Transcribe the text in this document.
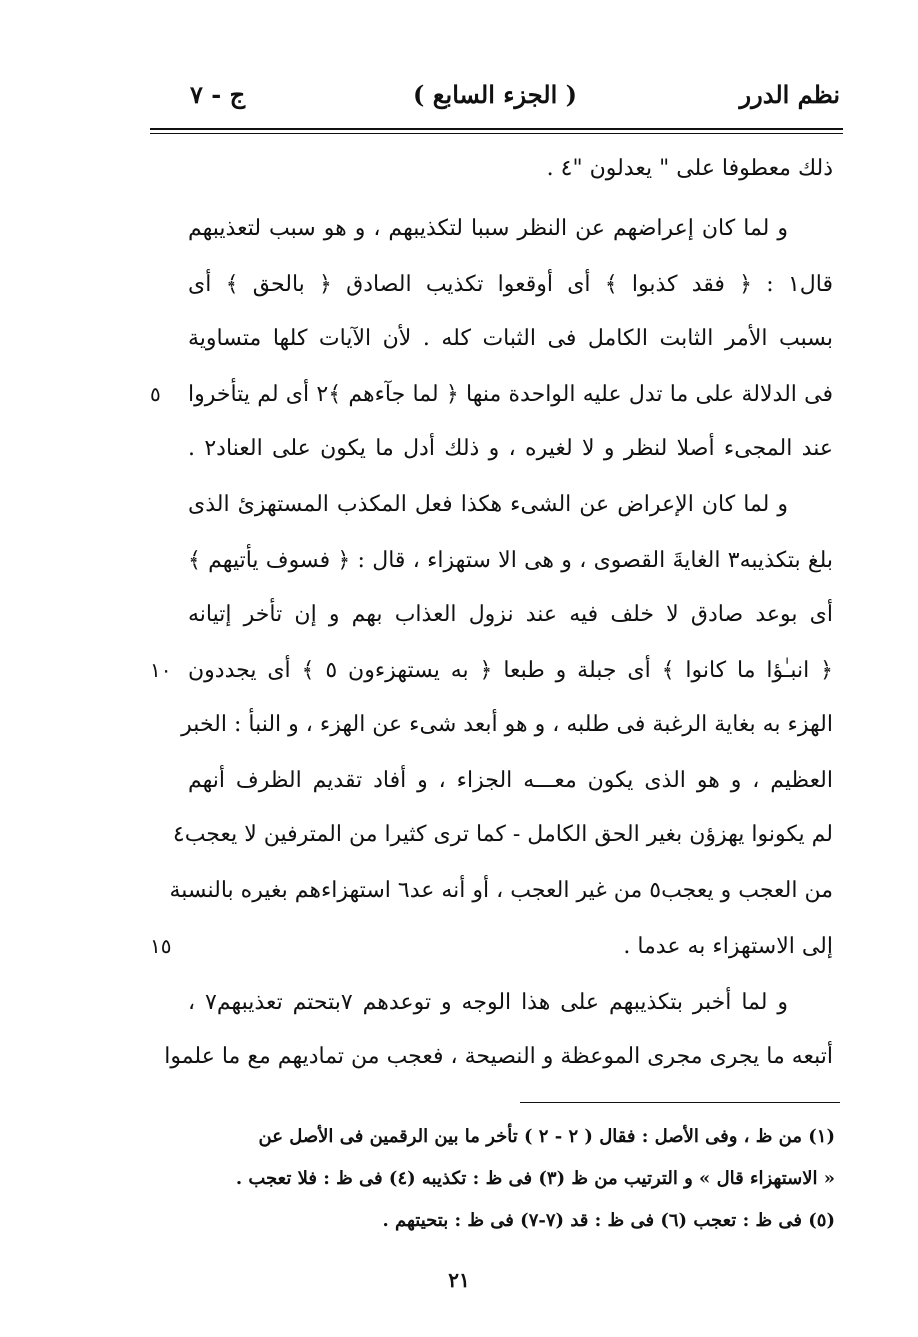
نظم الدرر
( الجزء السابع )
ج - ٧
ذلك معطوفا على " يعدلون "٤ .
و لما كان إعراضهم عن النظر سببا لتكذيبهم ، و هو سبب لتعذيبهم
قال١ : ﴿ فقد كذبوا ﴾ أى أوقعوا تكذيب الصادق ﴿ بالحق ﴾ أى
بسبب الأمر الثابت الكامل فى الثبات كله . لأن الآيات كلها متساوية
فى الدلالة على ما تدل عليه الواحدة منها ﴿ لما جآءهم ﴾٢ أى لم يتأخروا
عند المجىء أصلا لنظر و لا لغيره ، و ذلك أدل ما يكون على العناد٢ .
و لما كان الإعراض عن الشىء هكذا فعل المكذب المستهزئ الذى
بلغ بتكذيبه٣ الغايةَ القصوى ، و هى الا ستهزاء ، قال : ﴿ فسوف يأتيهم ﴾
أى بوعد صادق لا خلف فيه عند نزول العذاب بهم و إن تأخر إتيانه
﴿ انبـٰؤا ما كانوا ﴾ أى جبلة و طبعا ﴿ به يستهزءون ٥ ﴾ أى يجددون
الهزء به بغاية الرغبة فى طلبه ، و هو أبعد شىء عن الهزء ، و النبأ : الخبر
العظيم ، و هو الذى يكون معـــه الجزاء ، و أفاد تقديم الظرف أنهم
لم يكونوا يهزؤن بغير الحق الكامل - كما ترى كثيرا من المترفين لا يعجب٤
من العجب و يعجب٥ من غير العجب ، أو أنه عد٦ استهزاءهم بغيره بالنسبة
إلى الاستهزاء به عدما .
و لما أخبر بتكذيبهم على هذا الوجه و توعدهم ٧بتحتم تعذيبهم٧ ،
أتبعه ما يجرى مجرى الموعظة و النصيحة ، فعجب من تماديهم مع ما علموا
٥
١٠
١٥
(١) من ظ ، وفى الأصل : فقال ( ٢ - ٢ ) تأخر ما بين الرقمين فى الأصل عن
« الاستهزاء قال » و الترتيب من ظ (٣) فى ظ : تكذيبه (٤) فى ظ : فلا تعجب .
(٥) فى ظ : تعجب (٦) فى ظ : قد (٧-٧) فى ظ : بتحيتهم .
٢١
